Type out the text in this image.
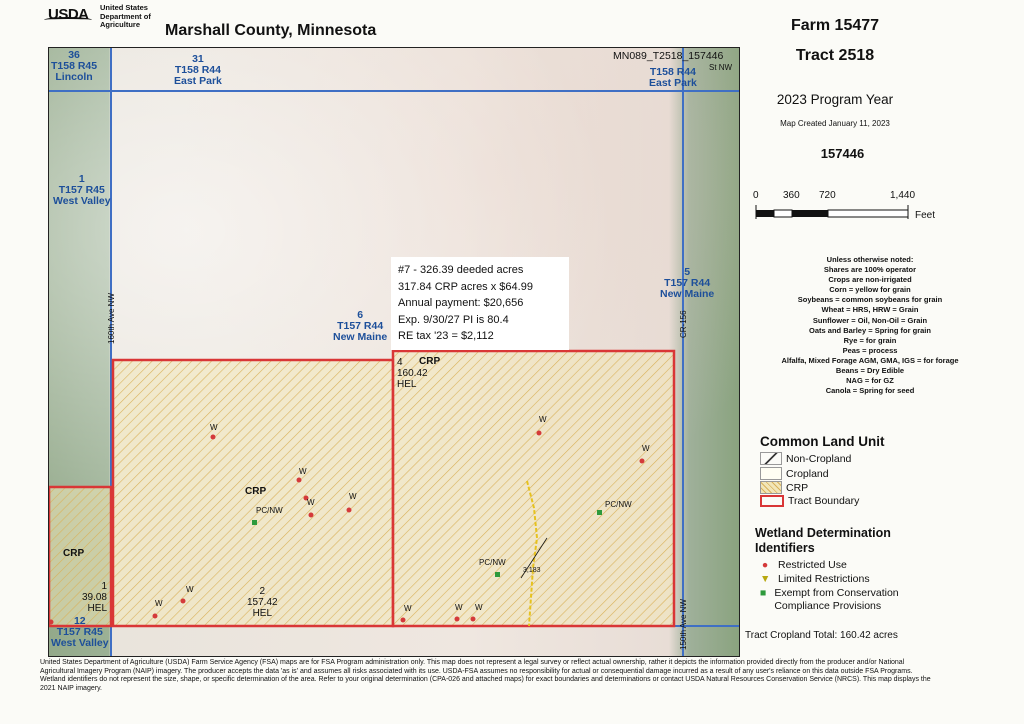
USDA United States Department of Agriculture	Marshall County, Minnesota
36
T158 R45
Lincoln
31
T158 R44
East Park
T158 R44
East Park
MN089_T2518_157446
St NW
1
T157 R45
West Valley
5
T157 R44
New Maine
6
T157 R44
New Maine
12
T157 R45
West Valley
160th Ave NW	CR-156
150th Ave NW
#7 - 326.39 deeded acres
317.84 CRP acres x $64.99
Annual payment: $20,656
Exp. 9/30/27 PI is 80.4
RE tax '23 = $2,112
4
160.42
HEL
CRP
2
157.42
HEL
CRP
1
39.08
HEL
CRP
W
W
W
W
W
W
W
W
W	W W
PC/NW
PC/NW
PC/NW
3,183
Farm 15477
Tract 2518
2023 Program Year
Map Created January 11, 2023
157446
0 360 720	1,440
Feet
Unless otherwise noted:
Shares are 100% operator
Crops are non-irrigated
Corn = yellow for grain
Soybeans = common soybeans for grain
Wheat = HRS, HRW = Grain
Sunflower = Oil, Non-Oil = Grain
Oats and Barley = Spring for grain
Rye = for grain
Peas = process
Alfalfa, Mixed Forage AGM, GMA, IGS = for forage
Beans = Dry Edible
NAG = for GZ
Canola = Spring for seed
Common Land Unit
Non-Cropland
Cropland
CRP
Tract Boundary
Wetland Determination Identifiers
● Restricted Use
▼ Limited Restrictions
■ Exempt from Conservation Compliance Provisions
Tract Cropland Total: 160.42 acres
United States Department of Agriculture (USDA) Farm Service Agency (FSA) maps are for FSA Program administration only. This map does not represent a legal survey or reflect actual ownership, rather it depicts the information provided directly from the producer and/or National Agricultural Imagery Program (NAIP) imagery. The producer accepts the data 'as is' and assumes all risks associated with its use. USDA-FSA assumes no responsibility for actual or consequential damage incurred as a result of any user's reliance on this data outside FSA Programs. Wetland identifiers do not represent the size, shape, or specific determination of the area. Refer to your original determination (CPA-026 and attached maps) for exact boundaries and determinations or contact USDA Natural Resources Conservation Service (NRCS). This map displays the 2021 NAIP imagery.
